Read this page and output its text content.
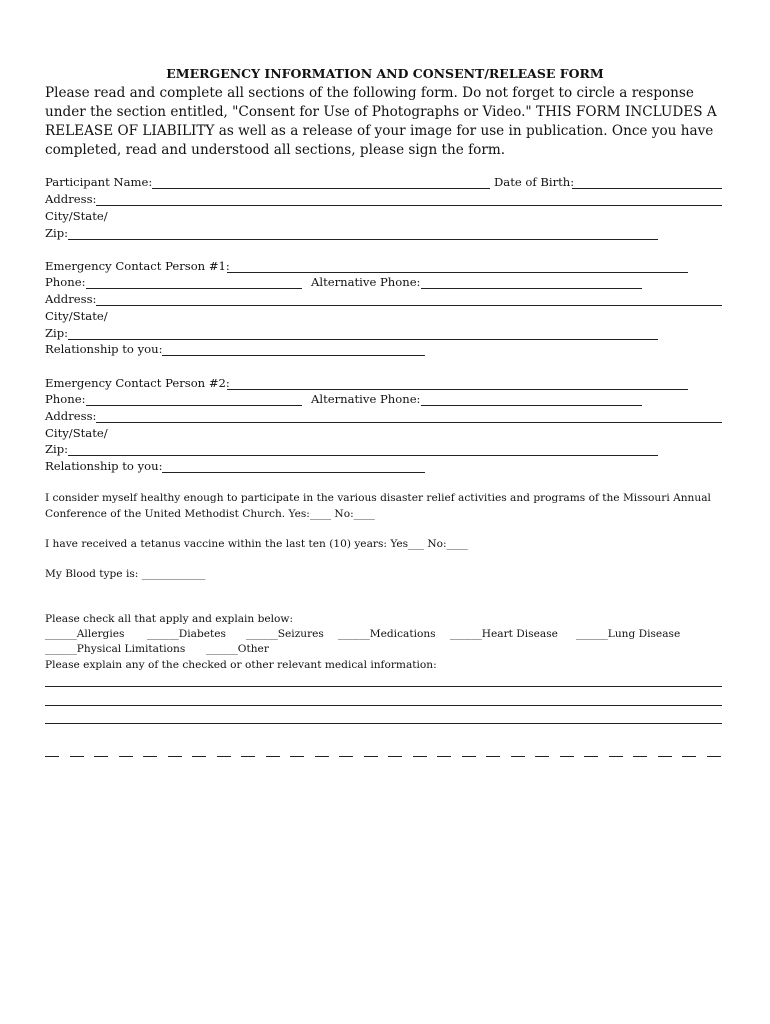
EMERGENCY INFORMATION AND CONSENT/RELEASE FORM
Please read and complete all sections of the following form. Do not forget to circle a response under the section entitled, "Consent for Use of Photographs or Video." THIS FORM INCLUDES A RELEASE OF LIABILITY as well as a release of your image for use in publication. Once you have completed, read and understood all sections, please sign the form.
Participant Name:	Date of Birth:
Address:
City/State/
Zip:
Emergency Contact Person #1:
Phone:	Alternative Phone:
Address:
City/State/
Zip:
Relationship to you:
Emergency Contact Person #2:
Phone:	Alternative Phone:
Address:
City/State/
Zip:
Relationship to you:
I consider myself healthy enough to participate in the various disaster relief activities and programs of the Missouri Annual
Conference of the United Methodist Church. Yes:____ No:____
I have received a tetanus vaccine within the last ten (10) years: Yes___ No:____
My Blood type is: ____________
Please check all that apply and explain below:
______Allergies ______Diabetes ______Seizures ______Medications ______Heart Disease ______Lung Disease
______Physical Limitations ______Other
Please explain any of the checked or other relevant medical information:
